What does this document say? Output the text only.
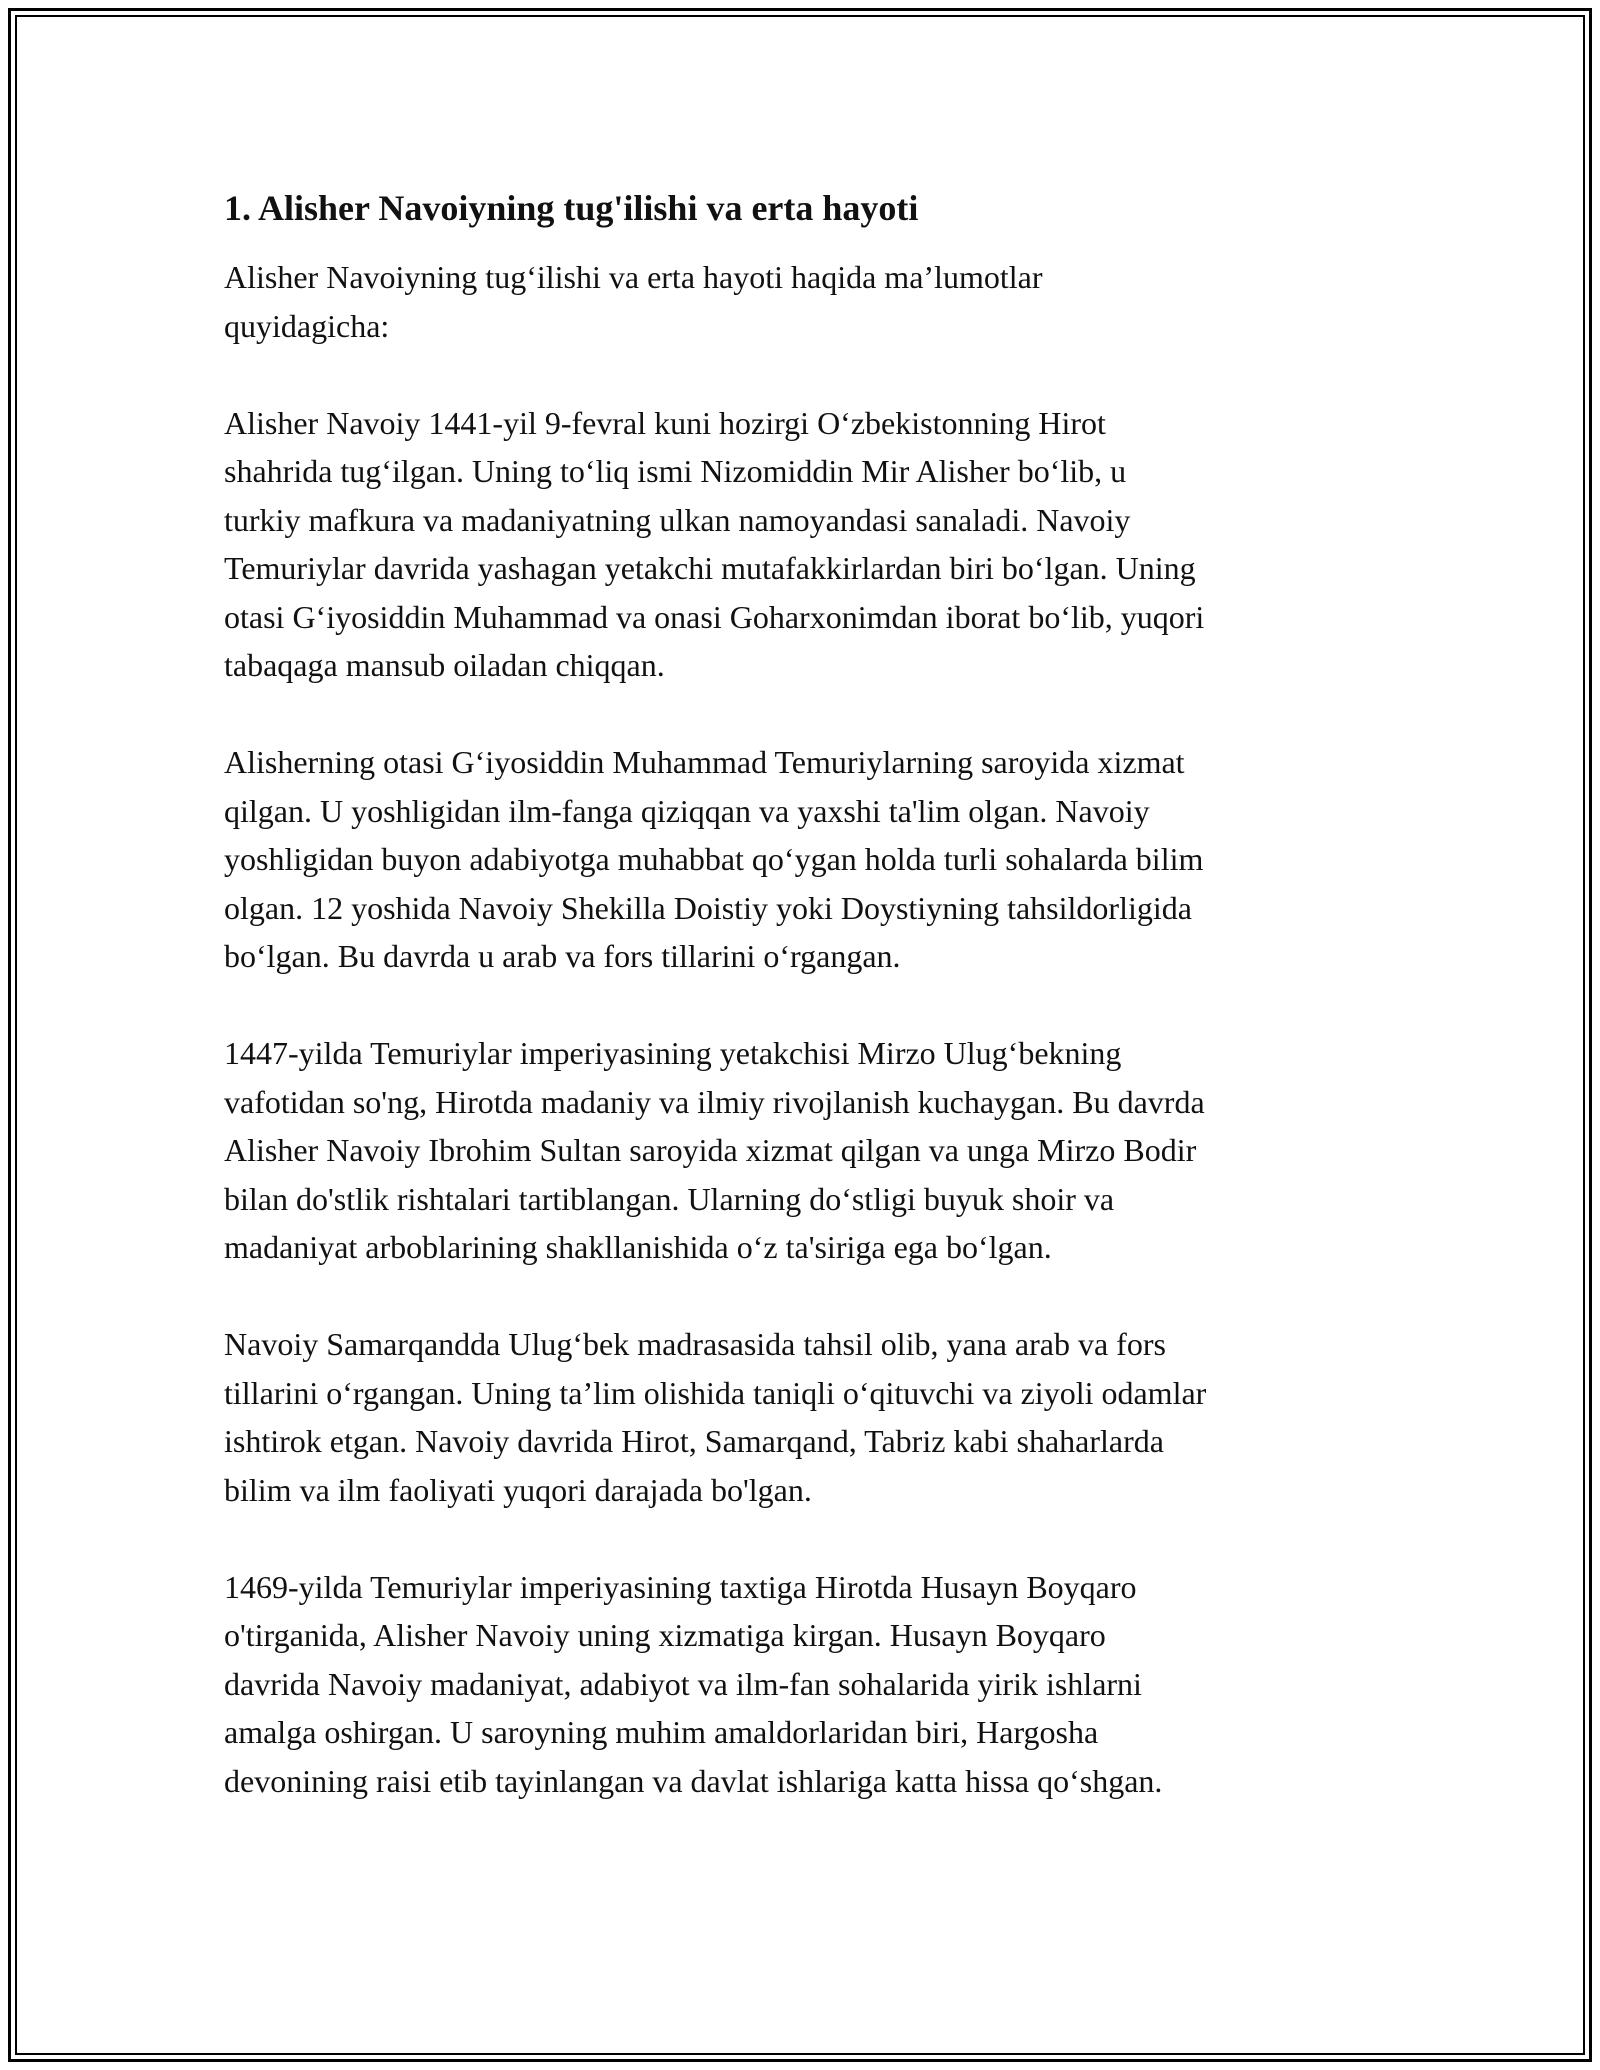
1. Alisher Navoiyning tug'ilishi va erta hayoti

Alisher Navoiyning tug‘ilishi va erta hayoti haqida ma’lumotlar
quyidagicha:

Alisher Navoiy 1441-yil 9-fevral kuni hozirgi O‘zbekistonning Hirot
shahrida tug‘ilgan. Uning to‘liq ismi Nizomiddin Mir Alisher bo‘lib, u
turkiy mafkura va madaniyatning ulkan namoyandasi sanaladi. Navoiy
Temuriylar davrida yashagan yetakchi mutafakkirlardan biri bo‘lgan. Uning
otasi G‘iyosiddin Muhammad va onasi Goharxonimdan iborat bo‘lib, yuqori
tabaqaga mansub oiladan chiqqan.

Alisherning otasi G‘iyosiddin Muhammad Temuriylarning saroyida xizmat
qilgan. U yoshligidan ilm-fanga qiziqqan va yaxshi ta'lim olgan. Navoiy
yoshligidan buyon adabiyotga muhabbat qo‘ygan holda turli sohalarda bilim
olgan. 12 yoshida Navoiy Shekilla Doistiy yoki Doystiyning tahsildorligida
bo‘lgan. Bu davrda u arab va fors tillarini o‘rgangan.

1447-yilda Temuriylar imperiyasining yetakchisi Mirzo Ulug‘bekning
vafotidan so'ng, Hirotda madaniy va ilmiy rivojlanish kuchaygan. Bu davrda
Alisher Navoiy Ibrohim Sultan saroyida xizmat qilgan va unga Mirzo Bodir
bilan do'stlik rishtalari tartiblangan. Ularning do‘stligi buyuk shoir va
madaniyat arboblarining shakllanishida o‘z ta'siriga ega bo‘lgan.

Navoiy Samarqandda Ulug‘bek madrasasida tahsil olib, yana arab va fors
tillarini o‘rgangan. Uning ta’lim olishida taniqli o‘qituvchi va ziyoli odamlar
ishtirok etgan. Navoiy davrida Hirot, Samarqand, Tabriz kabi shaharlarda
bilim va ilm faoliyati yuqori darajada bo'lgan.

1469-yilda Temuriylar imperiyasining taxtiga Hirotda Husayn Boyqaro
o'tirganida, Alisher Navoiy uning xizmatiga kirgan. Husayn Boyqaro
davrida Navoiy madaniyat, adabiyot va ilm-fan sohalarida yirik ishlarni
amalga oshirgan. U saroyning muhim amaldorlaridan biri, Hargosha
devonining raisi etib tayinlangan va davlat ishlariga katta hissa qo‘shgan.
